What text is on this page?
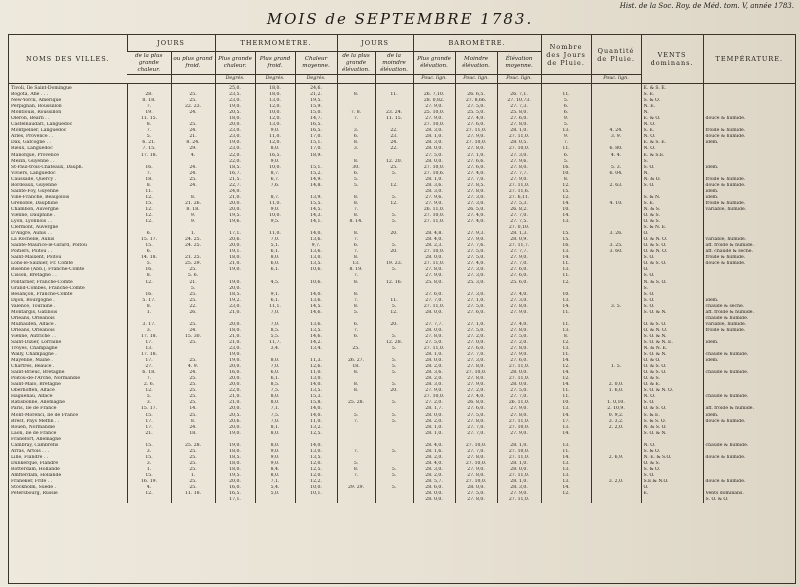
Hist. de la Soc. Roy. de Méd. tom. V, année 1783.
MOIS de SEPTEMBRE 1783.
NOMS DES VILLES.	JOURS		THERMOMÈTRE.			JOURS		BAROMÈTRE.			Nombre des Jours de Pluie.	Quantité de Pluie.	VENTS dominans.	TEMPÉRATURE.
	de la plus grande chaleur.	ou plus grand froid.	Plus grande chaleur.	Plus grand froid.	Chaleur moyenne.	de la plus grande élévation.	de la moindre élévation.	Plus grande élévation.	Moindre élévation.	Élévation moyenne.				
			Degrés.	Degrés.	Degrés.			Pouc. lign.	Pouc. lign.	Pouc. lign.		Pouc. lign.		
Tivoli, Ile Saint-Domingue			25,0.	18,0.	24,6.								E. & S. E.	
Bogota, Afie . . .	28.	25.	23,5.	18,0.	21,2.	8.	11.	26. 7,10.	26. 6,5.	26. 7,1.	11.		S. E.	
New-Yorck, Amérique	8. 18.	25.	23,0.	13,0.	19,5.			28. 0,82.	27. 8,66.	27. 10,73.	5.		S. & O.	
Perpignan, Roussillon	7.	22. 23.	19,0.	12,0.	15,9.			27. 9,0.	27. 5,0.	27. 7,3.	6.		N. E.	
Montlouis, Roussillon	19.	24.	20,5.	10,0.	15,0.	7. 8.	23. 24.	25. 10,0.	25. 5,0.	25. 8,0.	6.		N.	
Oléron, Béarn . .	11. 15.		18,0.	12,0.	14,7.	7.	11. 15.	27. 9,0.	27. 4,0.	27. 6,0.	9.		E. & O.	douce & humide.
Castelnaudari, Languedoc	8.	25.	20,0.	13,0.	16,5.			27. 10,0.	27. 6,0.	27. 8,0.	5.		N. O.	
Montpellier, Languedoc	7.	24.	23,0.	9,0.	16,5.	3.	22.	28. 3,0.	27. 11,0.	28. 1,0.	13.	4. 24.	S. E.	froide & humide.
Arles, Provence . .	5.	21.	23,0.	11,0.	17,0.	6.	23.	28. 1,0.	27. 9,0.	27. 11,0.	9.	3. 9.	N. O.	douce & humide.
Dax, Gafcogne . .	6. 21.	8. 24.	19,0.	12,0.	15,1.	8.	24.	28. 3,0.	27. 10,0.	28. 0,5.	7.		E. & S. E.	idem.
Rieux, Languedoc	7. 15.	29.	23,0.	8,0.	17,0.	3.	22.	28. 0,0.	27. 8,0.	27. 10,0.	11.	6. 80.	N. O.	
Manofque, Provence	17. 18.	4.	22,0.	16,5.	18,9.			27. 5,0.	27. 1,0.	27. 3,0.	6.	4. 4.	E. & S.E.	
Mézin, Guyenne . .			22,0.	9,0.		8.	12. 20.	28. 0,0.	27. 6,6.	27. 9,6.	5.		S.	
St-Paul-trois-Châteaux, Dauph.	16.	24.	18,5.	10,0.	15,1.	30.	25.	27. 10,0.	27. 6,0.	27. 8,0.	16.	5. 3.	S. O.	idem.
Viviers, Languedoc	7.	24.	16,7.	8,7.	15,2.	6.	5.	27. 10,6.	27. 4,0.	27. 7,7.	10.	6. 04.	N.	
Caussade, Quercy .	18.	25.	21,5.	6,7.	14,9.	5.		28. 1,0.	27. 7,0.	27. 9,0.	8.		N. & O.	froide & humide.
Bordeaux, Guyenne	8.	24.	22,7.	7,6.	14,8.	5.	12.	28. 3,6.	27. 8,5.	27. 11,0.	12.	2. 63.	S. O.	douce & humide.
Sainte-Foy, Guyenne	11.		24,0.					28. 3,0.	27. 8,0.	27. 11,6.	15.			idem.
Ville-Franche, Beaujolois	12.	8.	21,0.	8,7.	13,9.	8.	5.	27. 9,6.	27. 3,0.	27. 6,11.	12.		S. & N.	idem.
Grenoble, Dauphiné	15.	21. 26.	20,0.	11,0.	15,5.	8.	12.	27. 9,0.	27. 3,0.	27. 5,3.	14.	4. 10.	S. E.	froide & humide.
Chambon, Auvergne	12.	8. 18.	20,0.	9,0.	14,5.	7.		26. 11,0.	26. 5,0.	26. 8,2.	10.		N. & S.	variable, humide.
Vienne, Dauphiné .	12.	9.	19,5.	10,0.	14,3.	8.	5.	27. 10,0.	27. 4,0.	27. 7,0.	14.		O. & S.	
Lyon, Lyonnois . .	12.	9.	19,6.	9,5.	14,1.	8. 14.	5.	27. 11,0.	27. 4,0.	27. 7,5.	13.		O. & S.	
Clermont, Auvergne										27. 0,10.			S. & N. E.	
D'Aligre, Aunis . .	6.	1.	17,1.	11,0.	14,0.	8.	20.	28. 4,8.	27. 9,3.	28. 1,3.	15.	3. 26.	O.	
La Rochelle, Aunis	15. 17.	24. 25.	20,6.	7,0.	13,6.	7.		28. 4,0.	27. 9,0.	28. 0,9.	15.		O. & N. O.	variable, humide.
Sainte-Maurice-le-Girard, Poitou	15.	24. 25.	20,0.	5,1.	9,7.	6.	5.	28. 2,3.	27. 7,6.	27. 11,7.	16.	3. 25.	O. & S. O.	aff. froide & humide.
Poitiers, Poitou . .	6.		19,1.	6,1.	13,6.	7.	20.	27. 10,0.	27. 5,0.	27. 7,7.	13.	3. 60.	O. & N. O.	aff. chaude & sèche.
Saint-Maixent, Poitou	14. 18.	21. 25.	18,0.	8,0.	13,0.	8.		28. 0,0.	27. 5,0.	27. 9,0.	14.		S. O.	froide & humide.
Lons-le-Saunier, Fr. Comté	5.	25. 29.	21,0.	6,0.	13,5.	13.	19. 23.	27. 11,0.	27. 4,0.	27. 7,0.	11.		O. & S. O.	douce & humide.
Bisenne (Abb.), Franche-Comté	16.	25.	19,0.	6,1.	10,6.	8. 19.	5.	27. 8,0.	27. 3,0.	27. 6,0.	13.		O.	
Cisson, Bretagne . .	8.	5. 6.				7.		27. 9,0.	27. 3,0.	27. 6,0.	11.		S. O.	
Pontarlier, Franche-Comté	12.	21.	19,0.	4,5.	10,6.	8.	12. 16.	25. 8,0.	25. 3,0.	25. 6,0.	12.		N. & S. O.	
Grand-Combes, Franche-Comté		5.	20,0.										S.	
Besançon, Franche-Comté	16.	25.	18,5.	9,1.	14,0.	8.		27. 6,0.	27. 3,0.	27. 4,0.	10.		S. O.	
Dijon, Bourgogne .	5. 17.	25.	19,2.	6,1.	13,6.	7.	11.	27. 7,0.	27. 1,0.	27. 3,0.	13.		S. O.	idem.
Valence, Touraine .	8.	22.	23,0.	11,1.	14,5.	8.	5.	27. 11,0.	27. 5,0.	27. 8,0.	14.	3. 5.	S. O.	chaude & sèche.
Montargis, Gâtinois	1.	26.	21,0.	7,0.	14,6.	5.	12.	28. 0,0.	27. 6,0.	27. 9,0.	11.		S. O. & N.	aff. froide & humide.
Orléans, Orléanois														chaude & humide.
Mulhaufen, Alface .	3. 17.	25.	20,0.	7,0.	13,6.	6.	20.	27. 7,7.	27. 1,0.	27. 4,0.	11.		O. & S. O.	variable, humide.
Orléans, Orléanois	3.	24.	18,0.	8,5.	13,5.	7.		28. 0,0.	27. 5,0.	27. 8,0.	13.		O. & N. O.	froide & humide.
Vienne, Autriche . .	17. 18.	15. 30.	21,0.	5,5.	14,6.	6.	5.	27. 8,0.	27. 2,0.	27. 5,0.	8.		S. O. & N.	
Saint-Dizier, Lorraine	17.	25.	21,0.	11,7.	14,2.		12. 28.	27. 5,0.	27. 0,0.	27. 2,0.	12.		S. O. & N. E.	idem.
Troyes, Champagne	13.		23,0.	3,4.	13,4.	25.	5.	27. 11,0.	27. 6,0.	27. 8,0.	13.		N. & N. E.	
Wally, Champagne .	17. 18.		19,0.					28. 1,0.	27. 7,0.	27. 9,0.	11.		S. O. & N.	chaude & humide.
Mayenne, Maine .	17.	25.	19,0.	8,0.	11,3.	26. 27.	5.	28. 0,0.	27. 3,0.	27. 6,0.	14.		O. & O.	idem.
Chartres, Beauce .	27.	4. 9.	20,0.	7,0.	12,6.	18.	5.	28. 2,0.	27. 8,0.	27. 11,0.	12.	1. 5.	O. & S. O.	
Saint-Brieuc, Bretagne	6. 18.	24.	16,0.	6,0.	11,0.	8.	5.	28. 3,6.	27. 10,0.	28. 0,0.	14.		O. & S. O.	chaude & humide.
Poitou-de-l'Arche, Normandie	7.	25.	20,0.	6,1.	13,0.			28. 2,0.	27. 8,0.	27. 11,0.	12.		O. & S.	
Saint-Malo, Bretagne	2. 6.	25.	20,0.	8,5.	14,0.	8.	5.	28. 3,0.	27. 9,0.	28. 0,0.	14.	2. 0,0.	O. & E.	
Oberhoffen, Alface	12.	25.	22,0.	7,5.	13,5.	8.	20.	27. 9,0.	27. 2,0.	27. 5,0.	11.	1. 6,0.	S. O. & N. O.	
Haguenau, Alface	5.	25.	21,0.	8,0.	15,3.			27. 10,0.	27. 4,0.	27. 7,0.	11.		N. O.	chaude & humide.
Ratisbonne, Allemagne	3.	25.	21,0.	8,0.	15,8.	25. 28.	5.	27. 2,0.	26. 8,0.	26. 11,0.	10.	1. 0,10.	S. O.	
Paris, Ile de France	15. 17.	14.	20,0.	7,1.	14,0.			28. 1,7.	27. 6,0.	27. 9,0.	13.	2. 10,9.	O. & S. O.	aff. froide & humide.
Mont-Morenci, Ile de France	15.	25.	20,5.	7,5.	14,0.	5.	5.	28. 0,0.	27. 5,0.	27. 8,0.	14.	0. 9,2.	S. & E.	idem.
Brest, Pays Meffin . .	17.	8.	20,6.	7,0.	11,0.	7.	5.	28. 2,0.	27. 8,0.	27. 11,0.	17.	3. 3,2.	S. & S. O.	douce & humide.
Rouen, Normandie	17.	24.	20,0.	8,1.	13,2.			28. 1,0.	27. 7,0.	27. 10,0.	13.	2. 2,0.	N. & S. O.	
Laon, Ile de France	21.	18.	19,0.	8,0.	12,5.			28. 1,0.	27. 7,0.	27. 9,0.	14.		S. O. & N.	
Franefort, Allemagne														
Cambray, Cambrefis	15.	25. 28.	19,0.	8,0.	14,0.			28. 4,0.	27. 10,0.	28. 1,0.	13.		N. O.	chaude & humide.
Arras, Artois . . .	3.	25.	18,0.	9,0.	13,0.	7.	5.	28. 1,6.	27. 7,0.	27. 10,0.	11.		S. & O.	
Lille, Flandre . .	15.	25.	18,5.	9,0.	13,5.			28. 2,0.	27. 8,0.	27. 11,0.	14.	2. 6,9.	N. E. & S.O.	douce & humide.
Dunkerque, Flandre	3.	25.	18,0.	9,0.	12,0.	5.		28. 4,0.	27. 10,0.	28. 1,0.	13.		O. & S.	
Rotterdam, Hollande	1.	25.	18,0.	8,4.	12,5.	8.	5.	28. 3,0.	27. 9,0.	28. 0,0.	13.		S. & O.	
Amfterdam, Hollande	15.	1.	19,5.	8,0.	12,0.	7.	5.	28. 2,0.	27. 8,0.	27. 11,0.	13.		S. O.	
Franeker, Frife . .	16. 19.	25.	20,0.	7,1.	12,2.			28. 5,7.	27. 10,0.	28. 1,0.	13.	3. 2,0.	S.E.& N.O.	douce & humide.
Stockholm, Suede .	4.	25.	16,0.	5,4.	10,0.	29. 29.	5.	28. 6,0.	28. 0,0.	28. 3,0.	14.		O.	
Pétersbourg, Russie	12.	11. 18.	16,5.	5,0.	10,1.			28. 0,0.	27. 5,0.	27. 9,0.	12.		E.	Vents dominans.
			17,1.					28. 0,0.	27. 8,0.	27. 11,0.				S. O. & O.
